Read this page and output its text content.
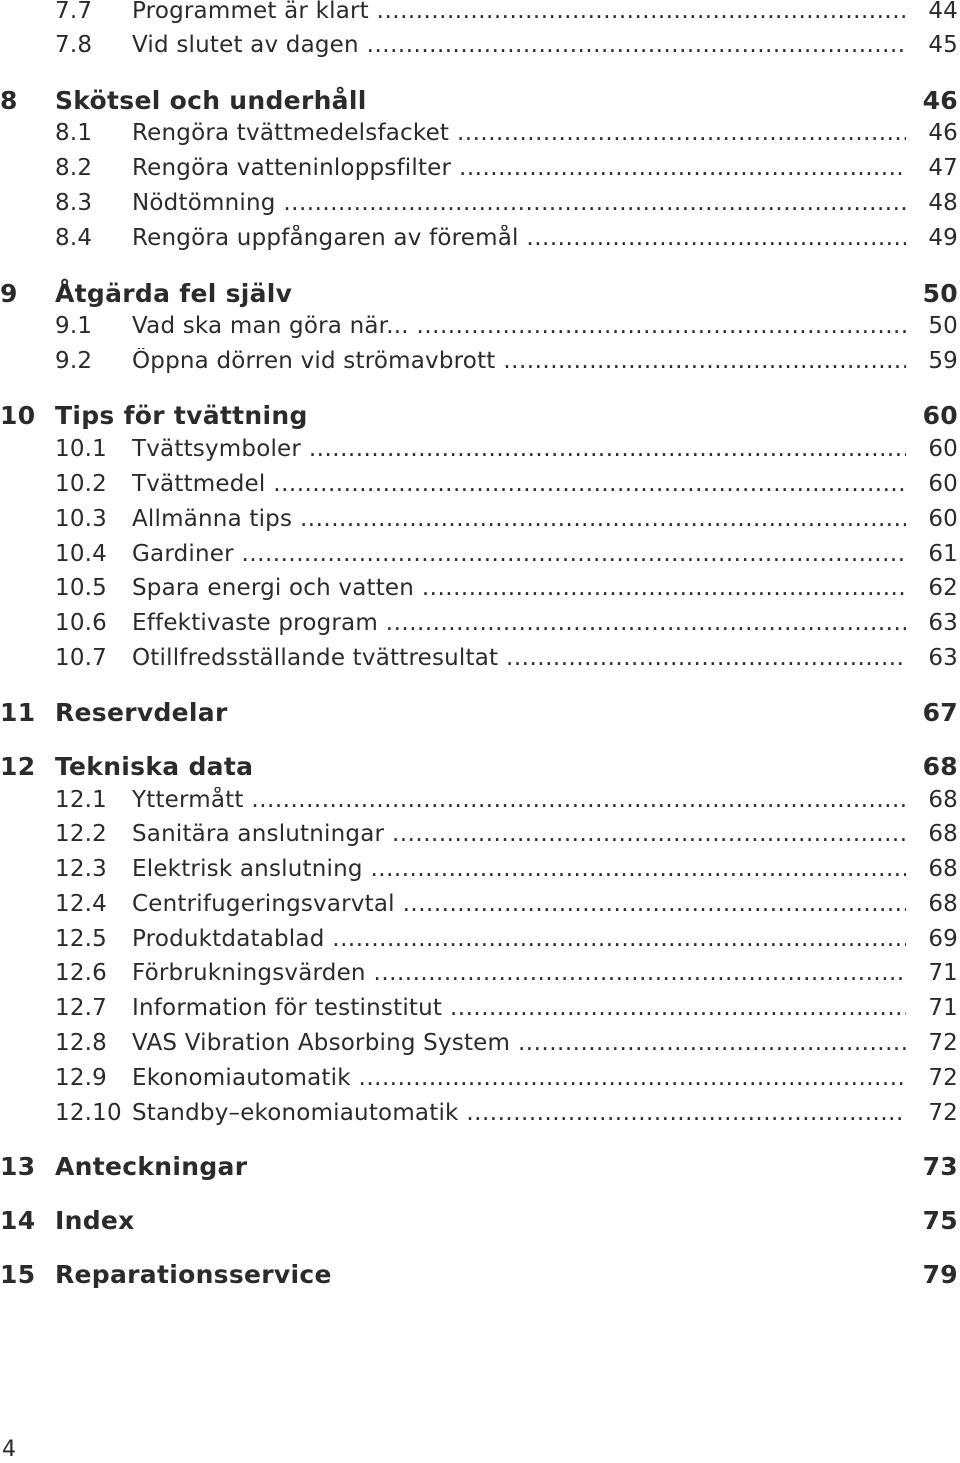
7.7 Programmet är klart .....	44
7.8 Vid slutet av dagen .....	45
8 Skötsel och underhåll	46
8.1 Rengöra tvättmedelsfacket .....	46
8.2 Rengöra vatteninloppsfilter .....	47
8.3 Nödtömning .....	48
8.4 Rengöra uppfångaren av föremål .....	49
9 Åtgärda fel själv	50
9.1 Vad ska man göra när... .....	50
9.2 Öppna dörren vid strömavbrott .....	59
10 Tips för tvättning	60
10.1 Tvättsymboler .....	60
10.2 Tvättmedel .....	60
10.3 Allmänna tips .....	60
10.4 Gardiner .....	61
10.5 Spara energi och vatten .....	62
10.6 Effektivaste program .....	63
10.7 Otillfredsställande tvättresultat .....	63
11 Reservdelar	67
12 Tekniska data	68
12.1 Yttermått .....	68
12.2 Sanitära anslutningar .....	68
12.3 Elektrisk anslutning .....	68
12.4 Centrifugeringsvarvtal .....	68
12.5 Produktdatablad .....	69
12.6 Förbrukningsvärden .....	71
12.7 Information för testinstitut .....	71
12.8 VAS Vibration Absorbing System .....	72
12.9 Ekonomiautomatik .....	72
12.10 Standby–ekonomiautomatik .....	72
13 Anteckningar	73
14 Index	75
15 Reparationsservice	79
4
